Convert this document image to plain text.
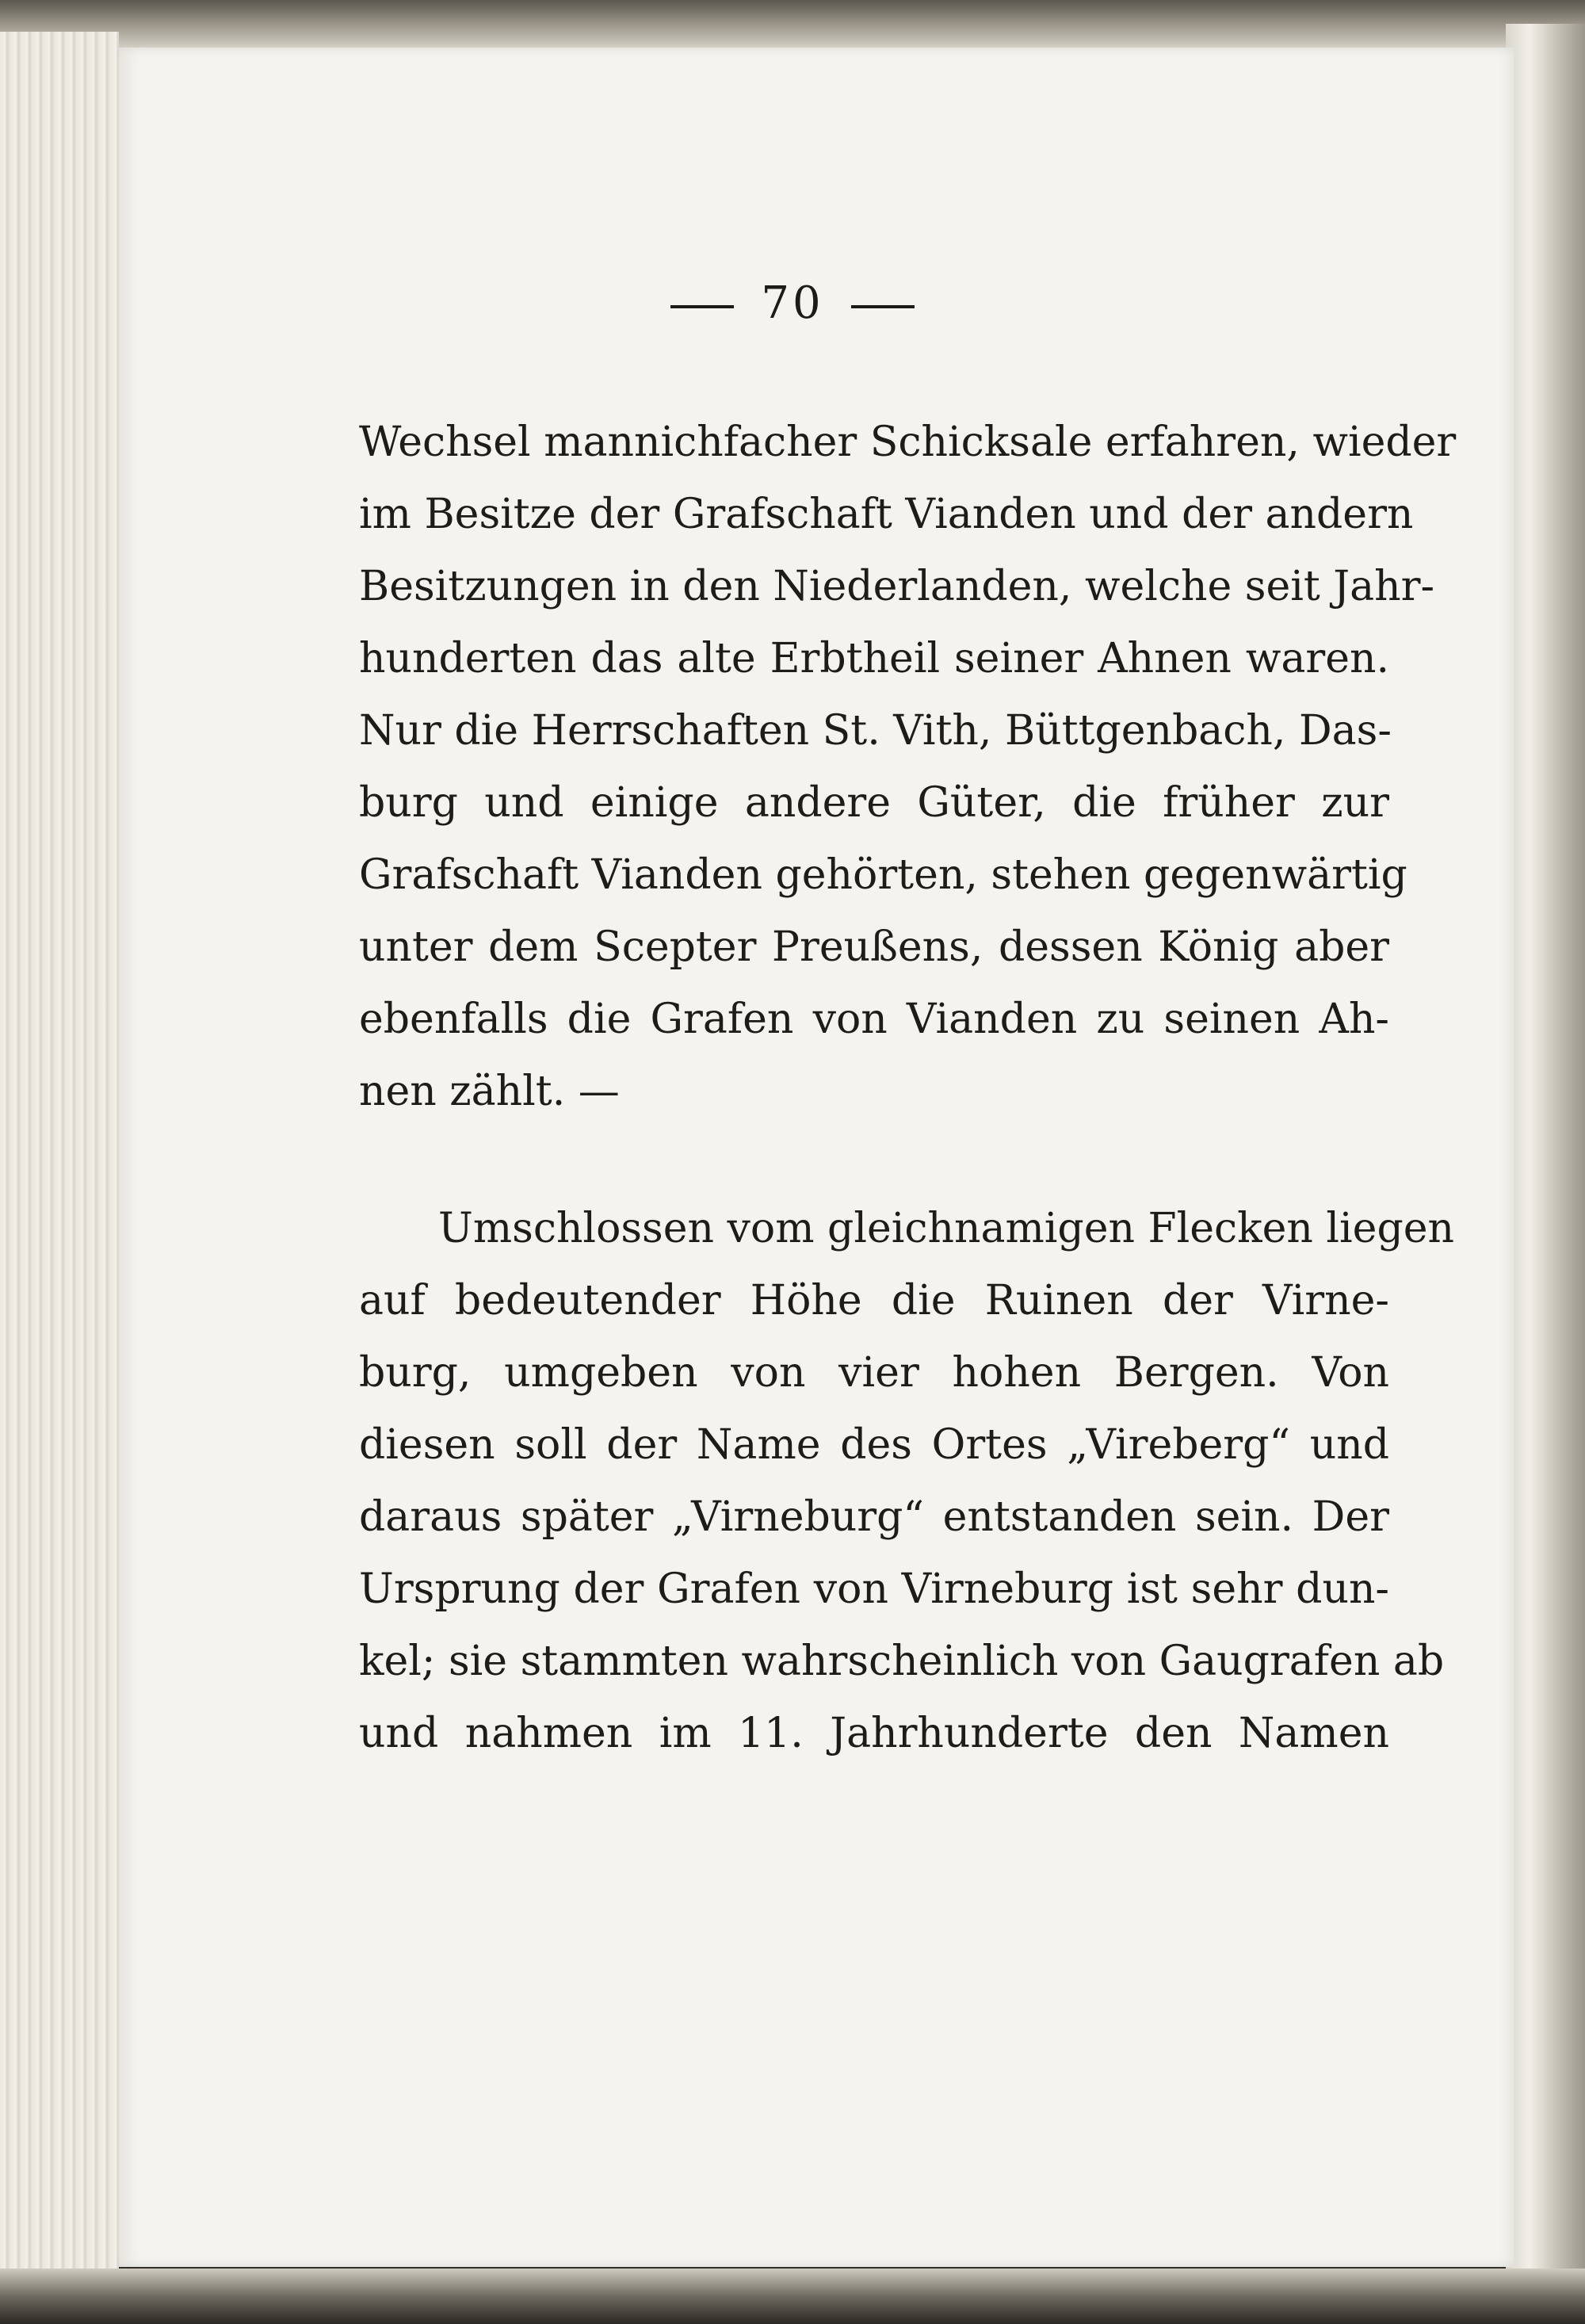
70
Wechsel mannichfacher Schicksale erfahren, wieder
im Besitze der Grafschaft Vianden und der andern
Besitzungen in den Niederlanden, welche seit Jahr-
hunderten das alte Erbtheil seiner Ahnen waren.
Nur die Herrschaften St. Vith, Büttgenbach, Das-
burg und einige andere Güter, die früher zur
Grafschaft Vianden gehörten, stehen gegenwärtig
unter dem Scepter Preußens, dessen König aber
ebenfalls die Grafen von Vianden zu seinen Ah-
nen zählt. —
Umschlossen vom gleichnamigen Flecken liegen
auf bedeutender Höhe die Ruinen der Virne-
burg, umgeben von vier hohen Bergen. Von
diesen soll der Name des Ortes „Vireberg“ und
daraus später „Virneburg“ entstanden sein. Der
Ursprung der Grafen von Virneburg ist sehr dun-
kel; sie stammten wahrscheinlich von Gaugrafen ab
und nahmen im 11. Jahrhunderte den Namen
